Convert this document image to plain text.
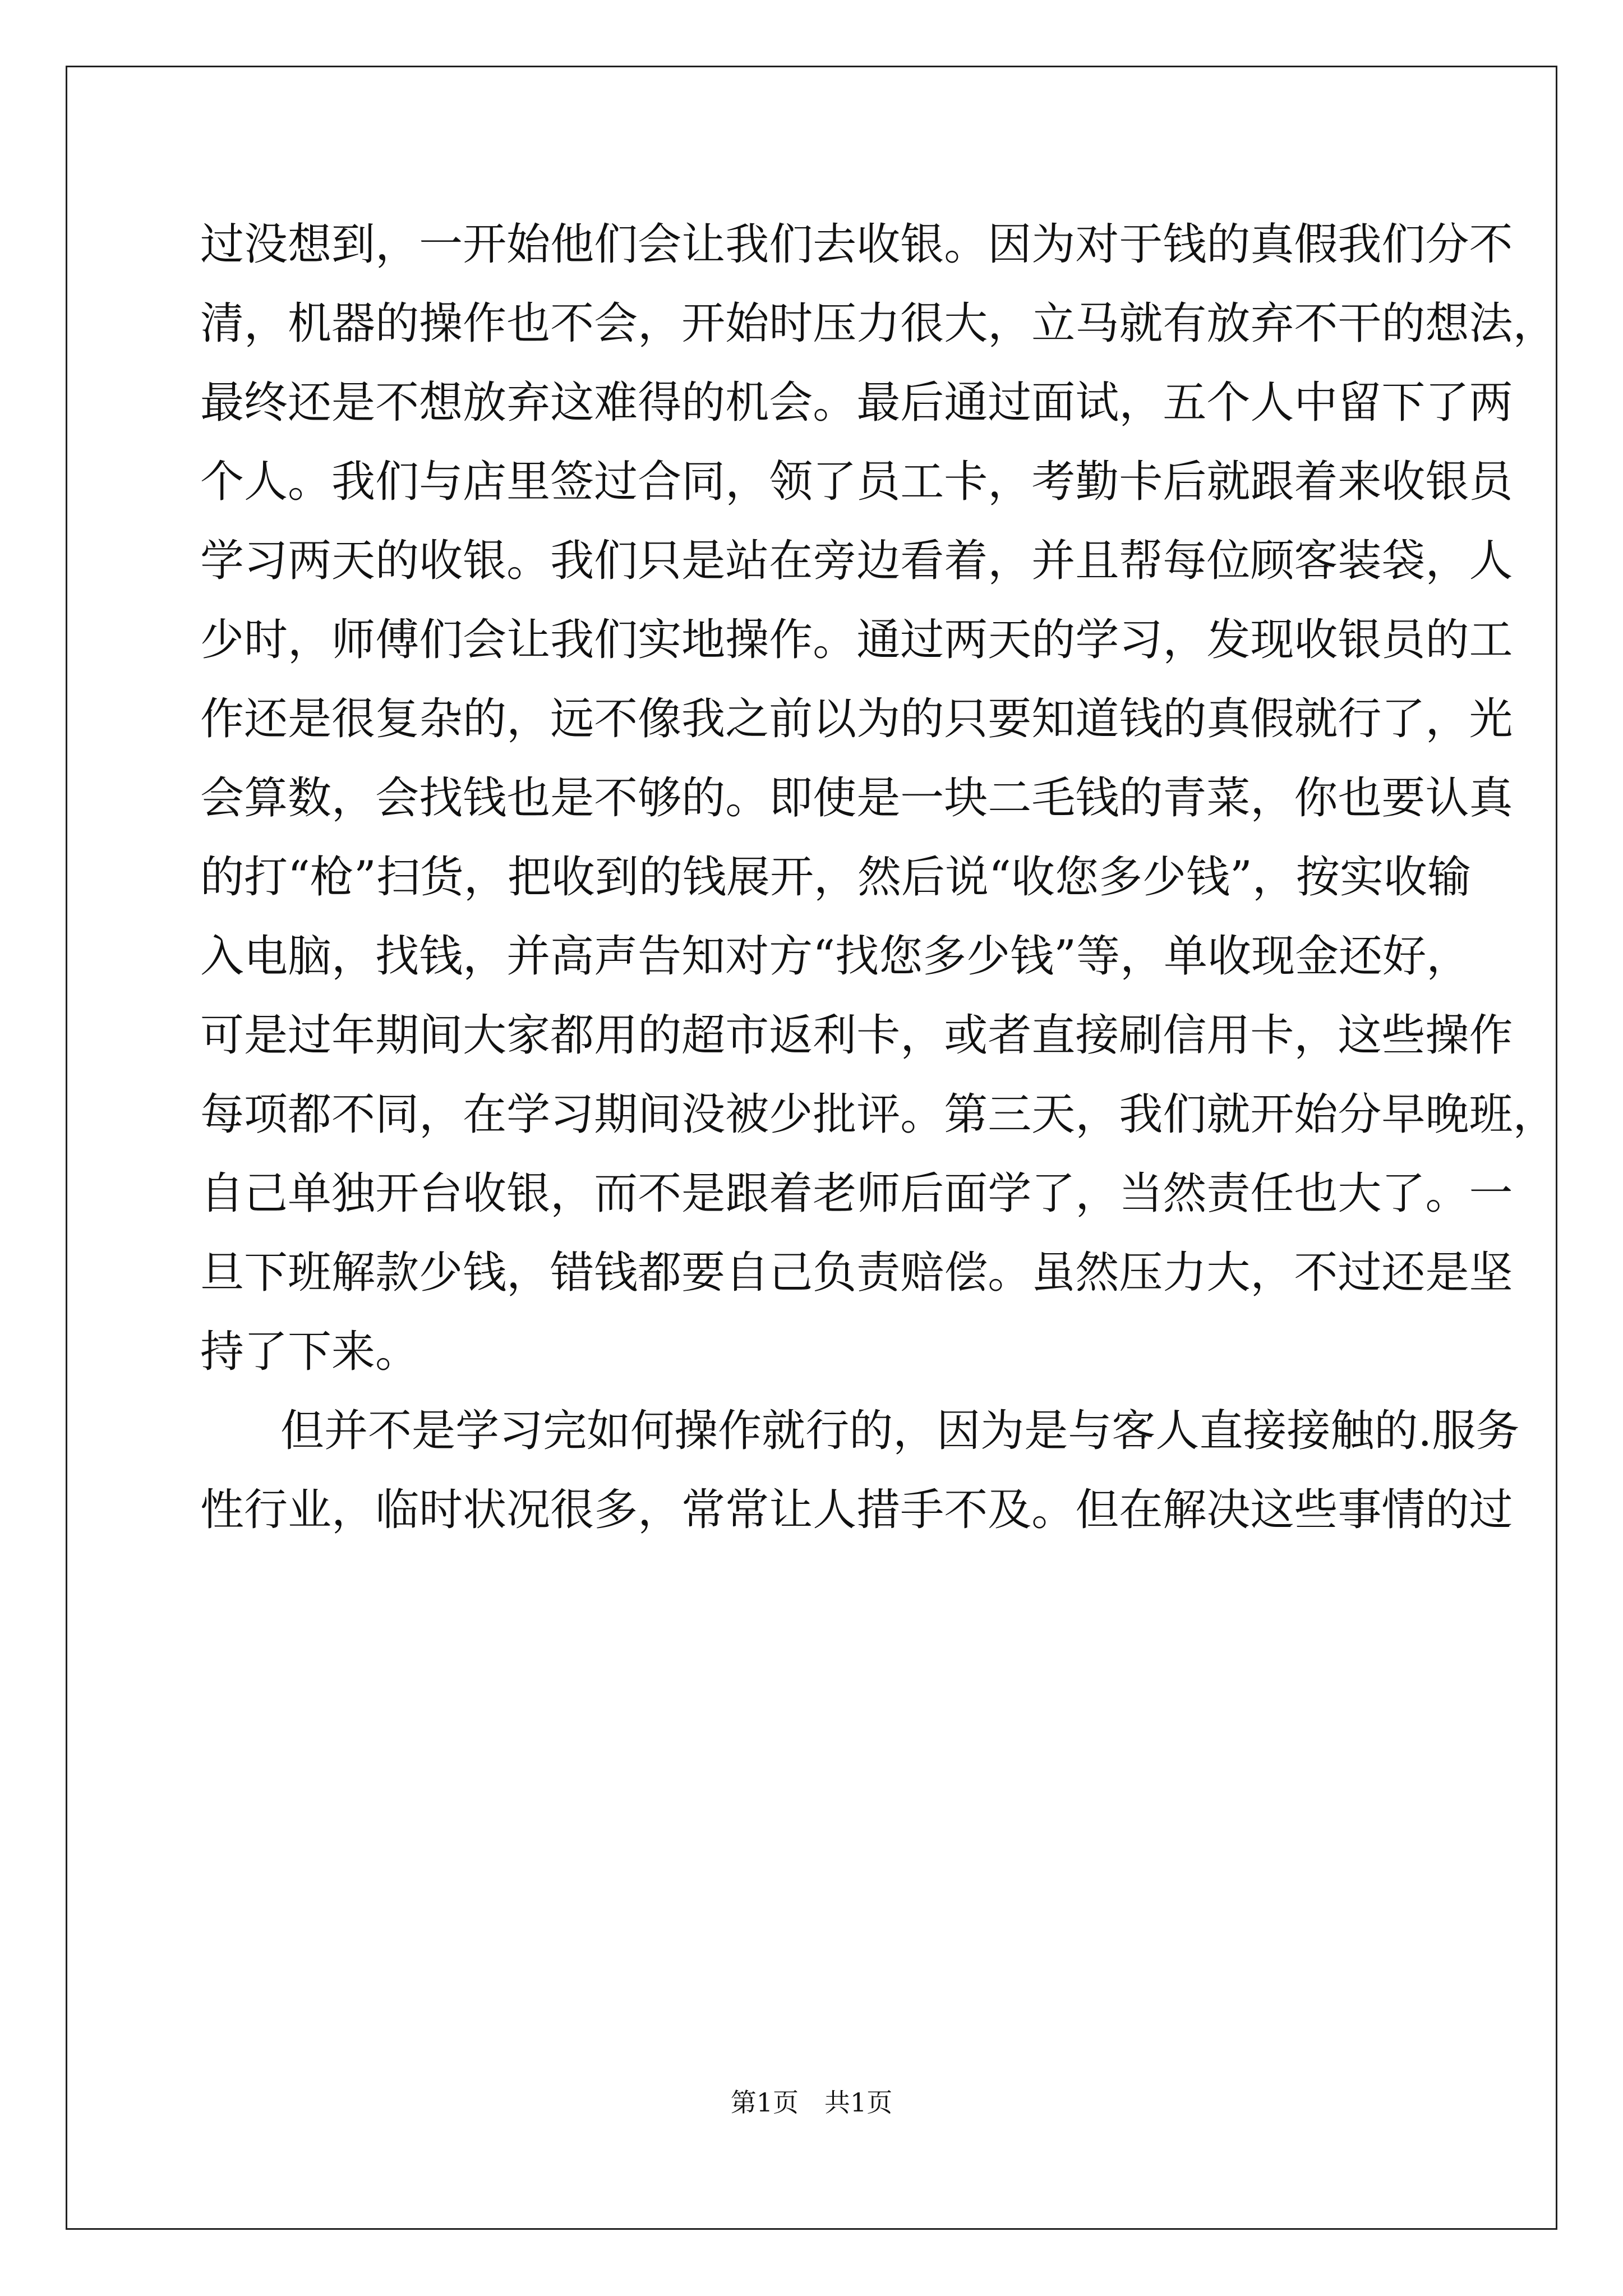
过 没 想 到 ， 一 开 始 他 们 会 让 我 们 去 收 银 。 因 为 对 于 钱 的 真 假 我 们 分 不
清 ， 机 器 的 操 作 也 不 会 ， 开 始 时 压 力 很 大 ， 立 马 就 有 放 弃 不 干 的 想 法 ，
最 终 还 是 不 想 放 弃 这 难 得 的 机 会 。 最 后 通 过 面 试 ， 五 个 人 中 留 下 了 两
个 人 。 我 们 与 店 里 签 过 合 同 ， 领 了 员 工 卡 ， 考 勤 卡 后 就 跟 着 来 收 银 员
学 习 两 天 的 收 银 。 我 们 只 是 站 在 旁 边 看 着 ， 并 且 帮 每 位 顾 客 装 袋 ， 人
少 时 ， 师 傅 们 会 让 我 们 实 地 操 作 。 通 过 两 天 的 学 习 ， 发 现 收 银 员 的 工
作 还 是 很 复 杂 的 ， 远 不 像 我 之 前 以 为 的 只 要 知 道 钱 的 真 假 就 行 了 ， 光
会 算 数 ， 会 找 钱 也 是 不 够 的 。 即 使 是 一 块 二 毛 钱 的 青 菜 ， 你 也 要 认 真
的 打 “ 枪 ” 扫 货 ， 把 收 到 的 钱 展 开 ， 然 后 说 “ 收 您 多 少 钱 ” ， 按 实 收 输
入 电 脑 ， 找 钱 ， 并 高 声 告 知 对 方 “ 找 您 多 少 钱 ” 等 ， 单 收 现 金 还 好 ，
可 是 过 年 期 间 大 家 都 用 的 超 市 返 利 卡 ， 或 者 直 接 刷 信 用 卡 ， 这 些 操 作
每 项 都 不 同 ， 在 学 习 期 间 没 被 少 批 评 。 第 三 天 ， 我 们 就 开 始 分 早 晚 班 ，
自 己 单 独 开 台 收 银 ， 而 不 是 跟 着 老 师 后 面 学 了 ， 当 然 责 任 也 大 了 。 一
旦 下 班 解 款 少 钱 ， 错 钱 都 要 自 己 负 责 赔 偿 。 虽 然 压 力 大 ， 不 过 还 是 坚
持了下来。
但 并 不 是 学 习 完 如 何 操 作 就 行 的 ， 因 为 是 与 客 人 直 接 接 触 的 . 服 务
性 行 业 ， 临 时 状 况 很 多 ， 常 常 让 人 措 手 不 及 。 但 在 解 决 这 些 事 情 的 过
第1页　共1页
